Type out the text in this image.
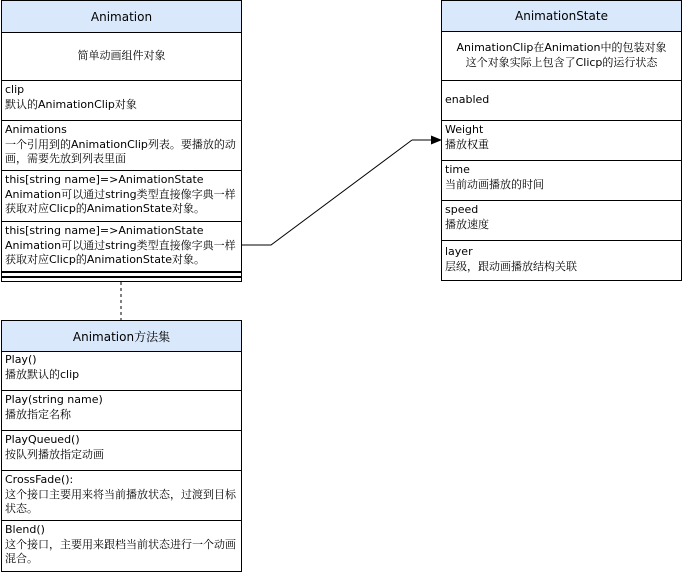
Animation
简单动画组件对象
clip
默认的AnimationClip对象
Animations
一个引用到的AnimationClip列表。要播放的动画，需要先放到列表里面
this[string name]=>AnimationState
Animation可以通过string类型直接像字典一样获取对应Clicp的AnimationState对象。
this[string name]=>AnimationState
Animation可以通过string类型直接像字典一样获取对应Clicp的AnimationState对象。
AnimationState
AnimationClip在Animation中的包装对象
这个对象实际上包含了Clicp的运行状态
enabled
Weight
播放权重
time
当前动画播放的时间
speed
播放速度
layer
层级，跟动画播放结构关联
Animation方法集
Play()
播放默认的clip
Play(string name)
播放指定名称
PlayQueued()
按队列播放指定动画
CrossFade():
这个接口主要用来将当前播放状态，过渡到目标状态。
Blend()
这个接口，主要用来跟档当前状态进行一个动画混合。
